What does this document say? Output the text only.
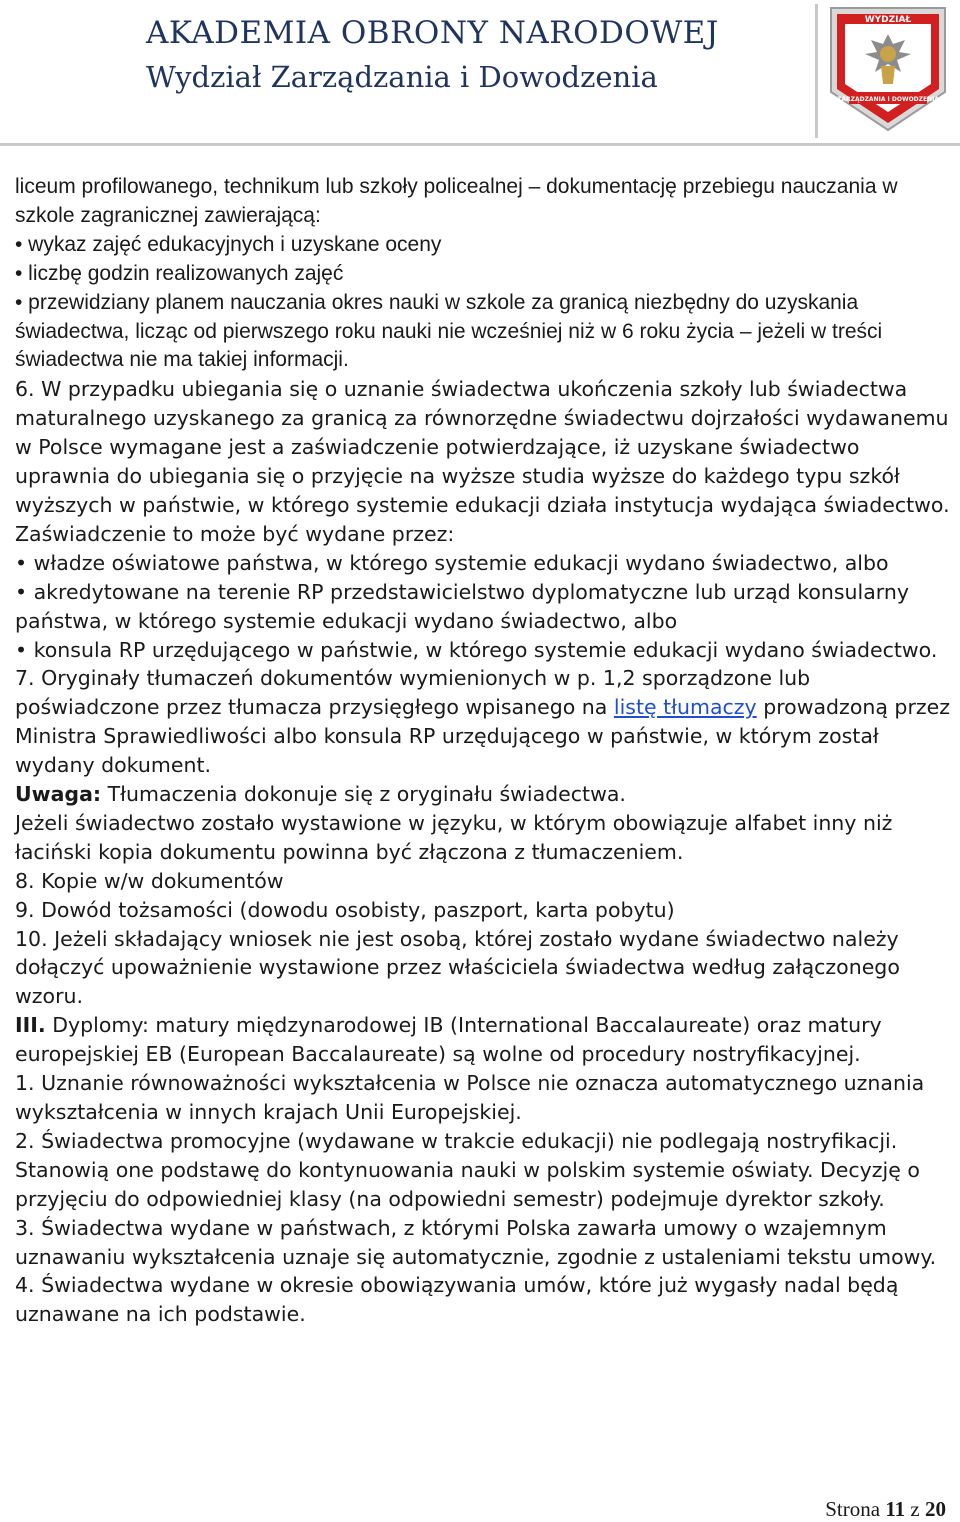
AKADEMIA OBRONY NARODOWEJ
Wydział Zarządzania i Dowodzenia
WYDZIAŁ
ZARZĄDZANIA I DOWODZENIA

liceum profilowanego, technikum lub szkoły policealnej – dokumentację przebiegu nauczania w szkole zagranicznej zawierającą:

• wykaz zajęć edukacyjnych i uzyskane oceny

• liczbę godzin realizowanych zajęć

• przewidziany planem nauczania okres nauki w szkole za granicą niezbędny do uzyskania świadectwa, licząc od pierwszego roku nauki nie wcześniej niż w 6 roku życia – jeżeli w treści świadectwa nie ma takiej informacji.

6. W przypadku ubiegania się o uznanie świadectwa ukończenia szkoły lub świadectwa maturalnego uzyskanego za granicą za równorzędne świadectwu dojrzałości wydawanemu w Polsce wymagane jest a zaświadczenie potwierdzające, iż uzyskane świadectwo uprawnia do ubiegania się o przyjęcie na wyższe studia wyższe do każdego typu szkół wyższych w państwie, w którego systemie edukacji działa instytucja wydająca świadectwo.

Zaświadczenie to może być wydane przez:

• władze oświatowe państwa, w którego systemie edukacji wydano świadectwo, albo

• akredytowane na terenie RP przedstawicielstwo dyplomatyczne lub urząd konsularny państwa, w którego systemie edukacji wydano świadectwo, albo

• konsula RP urzędującego w państwie, w którego systemie edukacji wydano świadectwo.

7. Oryginały tłumaczeń dokumentów wymienionych w p. 1,2 sporządzone lub poświadczone przez tłumacza przysięgłego wpisanego na listę tłumaczy prowadzoną przez Ministra Sprawiedliwości albo konsula RP urzędującego w państwie, w którym został wydany dokument.

Uwaga: Tłumaczenia dokonuje się z oryginału świadectwa.

Jeżeli świadectwo zostało wystawione w języku, w którym obowiązuje alfabet inny niż łaciński kopia dokumentu powinna być złączona z tłumaczeniem.

8. Kopie w/w dokumentów

9. Dowód tożsamości (dowodu osobisty, paszport, karta pobytu)

10. Jeżeli składający wniosek nie jest osobą, której zostało wydane świadectwo należy dołączyć upoważnienie wystawione przez właściciela świadectwa według załączonego wzoru.

III. Dyplomy: matury międzynarodowej IB (International Baccalaureate) oraz matury europejskiej EB (European Baccalaureate) są wolne od procedury nostryfikacyjnej.

1. Uznanie równoważności wykształcenia w Polsce nie oznacza automatycznego uznania wykształcenia w innych krajach Unii Europejskiej.

2. Świadectwa promocyjne (wydawane w trakcie edukacji) nie podlegają nostryfikacji. Stanowią one podstawę do kontynuowania nauki w polskim systemie oświaty. Decyzję o przyjęciu do odpowiedniej klasy (na odpowiedni semestr) podejmuje dyrektor szkoły.

3. Świadectwa wydane w państwach, z którymi Polska zawarła umowy o wzajemnym uznawaniu wykształcenia uznaje się automatycznie, zgodnie z ustaleniami tekstu umowy.

4. Świadectwa wydane w okresie obowiązywania umów, które już wygasły nadal będą uznawane na ich podstawie.

Strona 11 z 20
